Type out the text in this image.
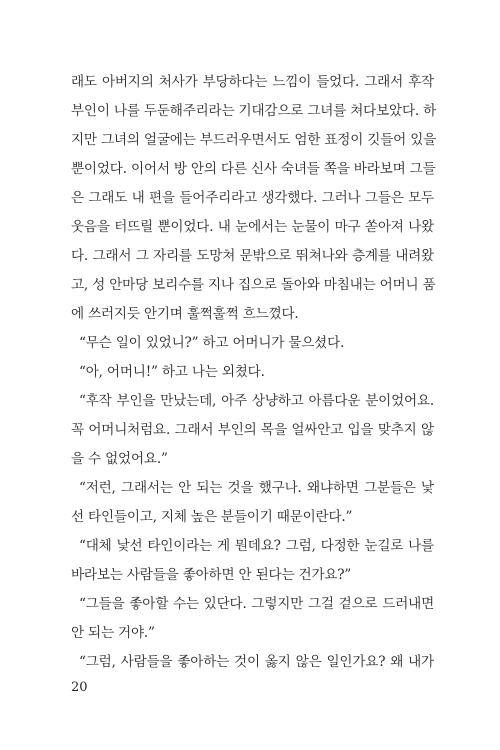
래도 아버지의 처사가 부당하다는 느낌이 들었다. 그래서 후작
부인이 나를 두둔해주리라는 기대감으로 그녀를 쳐다보았다. 하
지만 그녀의 얼굴에는 부드러우면서도 엄한 표정이 깃들어 있을
뿐이었다. 이어서 방 안의 다른 신사 숙녀들 쪽을 바라보며 그들
은 그래도 내 편을 들어주리라고 생각했다. 그러나 그들은 모두
웃음을 터뜨릴 뿐이었다. 내 눈에서는 눈물이 마구 쏟아져 나왔
다. 그래서 그 자리를 도망쳐 문밖으로 뛰쳐나와 층계를 내려왔
고, 성 안마당 보리수를 지나 집으로 돌아와 마침내는 어머니 품
에 쓰러지듯 안기며 훌쩍훌쩍 흐느꼈다.
“무슨 일이 있었니?” 하고 어머니가 물으셨다.
“아, 어머니!” 하고 나는 외쳤다.
“후작 부인을 만났는데, 아주 상냥하고 아름다운 분이었어요.
꼭 어머니처럼요. 그래서 부인의 목을 얼싸안고 입을 맞추지 않
을 수 없었어요.”
“저런, 그래서는 안 되는 것을 했구나. 왜냐하면 그분들은 낯
선 타인들이고, 지체 높은 분들이기 때문이란다.”
“대체 낯선 타인이라는 게 뭔데요? 그럼, 다정한 눈길로 나를
바라보는 사람들을 좋아하면 안 된다는 건가요?”
“그들을 좋아할 수는 있단다. 그렇지만 그걸 겉으로 드러내면
안 되는 거야.”
“그럼, 사람들을 좋아하는 것이 옳지 않은 일인가요? 왜 내가
20
